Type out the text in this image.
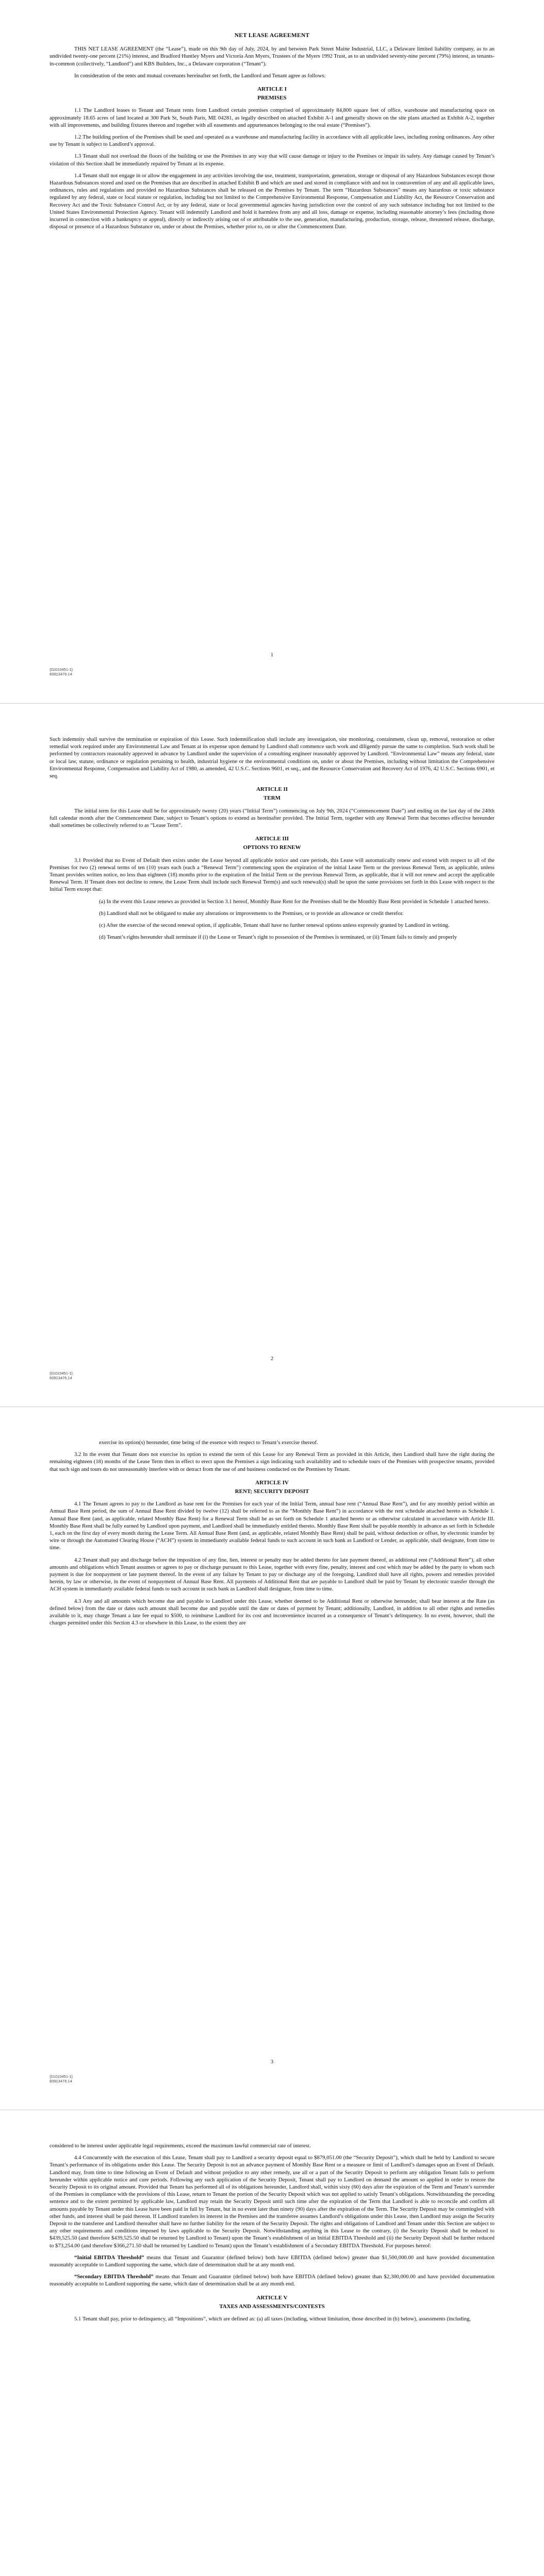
NET LEASE AGREEMENT

THIS NET LEASE AGREEMENT (the “Lease”), made on this 9th day of July, 2024, by and between Park Street Maine Industrial, LLC, a Delaware limited liability company, as to an undivided twenty-one percent (21%) interest, and Bradford Huntley Myers and Victoria Ann Myers, Trustees of the Myers 1992 Trust, as to an undivided seventy-nine percent (79%) interest, as tenants-in-common (collectively, “Landlord”) and KBS Builders, Inc., a Delaware corporation (“Tenant”).

In consideration of the rents and mutual covenants hereinafter set forth, the Landlord and Tenant agree as follows:

ARTICLE I
PREMISES

1.1 The Landlord leases to Tenant and Tenant rents from Landlord certain premises comprised of approximately 84,800 square feet of office, warehouse and manufacturing space on approximately 18.65 acres of land located at 300 Park St, South Paris, ME 04281, as legally described on attached Exhibit A-1 and generally shown on the site plans attached as Exhibit A-2, together with all improvements, and building fixtures thereon and together with all easements and appurtenances belonging to the real estate (“Premises”).

1.2 The building portion of the Premises shall be used and operated as a warehouse and manufacturing facility in accordance with all applicable laws, including zoning ordinances. Any other use by Tenant is subject to Landlord’s approval.

1.3 Tenant shall not overload the floors of the building or use the Premises in any way that will cause damage or injury to the Premises or impair its safety. Any damage caused by Tenant’s violation of this Section shall be immediately repaired by Tenant at its expense.

1.4 Tenant shall not engage in or allow the engagement in any activities involving the use, treatment, transportation, generation, storage or disposal of any Hazardous Substances except those Hazardous Substances stored and used on the Premises that are described in attached Exhibit B and which are used and stored in compliance with and not in contravention of any and all applicable laws, ordinances, rules and regulations and provided no Hazardous Substances shall be released on the Premises by Tenant. The term “Hazardous Substances” means any hazardous or toxic substance regulated by any federal, state or local statute or regulation, including but not limited to the Comprehensive Environmental Response, Compensation and Liability Act, the Resource Conservation and Recovery Act and the Toxic Substance Control Act, or by any federal, state or local governmental agencies having jurisdiction over the control of any such substance including but not limited to the United States Environmental Protection Agency. Tenant will indemnify Landlord and hold it harmless from any and all loss, damage or expense, including reasonable attorney’s fees (including those incurred in connection with a bankruptcy or appeal), directly or indirectly arising out of or attributable to the use, generation, manufacturing, production, storage, release, threatened release, discharge, disposal or presence of a Hazardous Substance on, under or about the Premises, whether prior to, on or after the Commencement Date.

1
{01010451-1}
83913476.14

Such indemnity shall survive the termination or expiration of this Lease. Such indemnification shall include any investigation, site monitoring, containment, clean up, removal, restoration or other remedial work required under any Environmental Law and Tenant at its expense upon demand by Landlord shall commence such work and diligently pursue the same to completion. Such work shall be performed by contractors reasonably approved in advance by Landlord under the supervision of a consulting engineer reasonably approved by Landlord. “Environmental Law” means any federal, state or local law, statute, ordinance or regulation pertaining to health, industrial hygiene or the environmental conditions on, under or about the Premises, including without limitation the Comprehensive Environmental Response, Compensation and Liability Act of 1980, as amended, 42 U.S.C. Sections 9601, et seq., and the Resource Conservation and Recovery Act of 1976, 42 U.S.C. Sections 6901, et seq.

ARTICLE II
TERM

The initial term for this Lease shall be for approximately twenty (20) years (“Initial Term”) commencing on July 9th, 2024 (“Commencement Date”) and ending on the last day of the 240th full calendar month after the Commencement Date, subject to Tenant’s options to extend as hereinafter provided. The Initial Term, together with any Renewal Term that becomes effective hereunder shall sometimes be collectively referred to as “Lease Term”.

ARTICLE III
OPTIONS TO RENEW

3.1 Provided that no Event of Default then exists under the Lease beyond all applicable notice and cure periods, this Lease will automatically renew and extend with respect to all of the Premises for two (2) renewal terms of ten (10) years each (each a “Renewal Term”) commencing upon the expiration of the initial Lease Term or the previous Renewal Term, as applicable, unless Tenant provides written notice, no less than eighteen (18) months prior to the expiration of the Initial Term or the previous Renewal Term, as applicable, that it will not renew and accept the applicable Renewal Term. If Tenant does not decline to renew, the Lease Term shall include such Renewal Term(s) and such renewal(s) shall be upon the same provisions set forth in this Lease with respect to the Initial Term except that:

(a) In the event this Lease renews as provided in Section 3.1 hereof, Monthly Base Rent for the Premises shall be the Monthly Base Rent provided in Schedule 1 attached hereto.

(b) Landlord shall not be obligated to make any alterations or improvements to the Premises, or to provide an allowance or credit therefor.

(c) After the exercise of the second renewal option, if applicable, Tenant shall have no further renewal options unless expressly granted by Landlord in writing.

(d) Tenant’s rights hereunder shall terminate if (i) the Lease or Tenant’s right to possession of the Premises is terminated, or (ii) Tenant fails to timely and properly

2
{01010451-1}
83913476.14

exercise its option(s) hereunder, time being of the essence with respect to Tenant’s exercise thereof.

3.2 In the event that Tenant does not exercise its option to extend the term of this Lease for any Renewal Term as provided in this Article, then Landlord shall have the right during the remaining eighteen (18) months of the Lease Term then in effect to erect upon the Premises a sign indicating such availability and to schedule tours of the Premises with prospective tenants, provided that such sign and tours do not unreasonably interfere with or detract from the use of and business conducted on the Premises by Tenant.

ARTICLE IV
RENT; SECURITY DEPOSIT

4.1 The Tenant agrees to pay to the Landlord as base rent for the Premises for each year of the Initial Term, annual base rent (“Annual Base Rent”), and for any monthly period within an Annual Base Rent period, the sum of Annual Base Rent divided by twelve (12) shall be referred to as the “Monthly Base Rent”) in accordance with the rent schedule attached hereto as Schedule 1. Annual Base Rent (and, as applicable, related Monthly Base Rent) for a Renewal Term shall be as set forth on Schedule 1 attached hereto or as otherwise calculated in accordance with Article III. Monthly Base Rent shall be fully earned by Landlord upon payment, and Landlord shall be immediately entitled thereto. Monthly Base Rent shall be payable monthly in advance as set forth in Schedule 1, each on the first day of every month during the Lease Term. All Annual Base Rent (and, as applicable, related Monthly Base Rent) shall be paid, without deduction or offset, by electronic transfer by wire or through the Automated Clearing House (“ACH”) system in immediately available federal funds to such account in such bank as Landlord or Lender, as applicable, shall designate, from time to time.

4.2 Tenant shall pay and discharge before the imposition of any fine, lien, interest or penalty may be added thereto for late payment thereof, as additional rent (“Additional Rent”), all other amounts and obligations which Tenant assumes or agrees to pay or discharge pursuant to this Lease, together with every fine, penalty, interest and cost which may be added by the party to whom such payment is due for nonpayment or late payment thereof. In the event of any failure by Tenant to pay or discharge any of the foregoing, Landlord shall have all rights, powers and remedies provided herein, by law or otherwise, in the event of nonpayment of Annual Base Rent. All payments of Additional Rent that are payable to Landlord shall be paid by Tenant by electronic transfer through the ACH system in immediately available federal funds to such account in such bank as Landlord shall designate, from time to time.

4.3 Any and all amounts which become due and payable to Landlord under this Lease, whether deemed to be Additional Rent or otherwise hereunder, shall bear interest at the Rate (as defined below) from the date or dates such amount shall become due and payable until the date or dates of payment by Tenant; additionally, Landlord, in addition to all other rights and remedies available to it, may charge Tenant a late fee equal to $500, to reimburse Landlord for its cost and inconvenience incurred as a consequence of Tenant’s delinquency. In no event, however, shall the charges permitted under this Section 4.3 or elsewhere in this Lease, to the extent they are

3
{01010451-1}
83913476.14

considered to be interest under applicable legal requirements, exceed the maximum lawful commercial rate of interest.

4.4 Concurrently with the execution of this Lease, Tenant shall pay to Landlord a security deposit equal to $879,051.00 (the “Security Deposit”), which shall be held by Landlord to secure Tenant’s performance of its obligations under this Lease. The Security Deposit is not an advance payment of Monthly Base Rent or a measure or limit of Landlord’s damages upon an Event of Default. Landlord may, from time to time following an Event of Default and without prejudice to any other remedy, use all or a part of the Security Deposit to perform any obligation Tenant fails to perform hereunder within applicable notice and cure periods. Following any such application of the Security Deposit, Tenant shall pay to Landlord on demand the amount so applied in order to restore the Security Deposit to its original amount. Provided that Tenant has performed all of its obligations hereunder, Landlord shall, within sixty (60) days after the expiration of the Term and Tenant’s surrender of the Premises in compliance with the provisions of this Lease, return to Tenant the portion of the Security Deposit which was not applied to satisfy Tenant’s obligations. Notwithstanding the preceding sentence and to the extent permitted by applicable law, Landlord may retain the Security Deposit until such time after the expiration of the Term that Landlord is able to reconcile and confirm all amounts payable by Tenant under this Lease have been paid in full by Tenant, but in no event later than ninety (90) days after the expiration of the Term. The Security Deposit may be commingled with other funds, and interest shall be paid thereon. If Landlord transfers its interest in the Premises and the transferee assumes Landlord’s obligations under this Lease, then Landlord may assign the Security Deposit to the transferee and Landlord thereafter shall have no further liability for the return of the Security Deposit. The rights and obligations of Landlord and Tenant under this Section are subject to any other requirements and conditions imposed by laws applicable to the Security Deposit. Notwithstanding anything in this Lease to the contrary, (i) the Security Deposit shall be reduced to $439,525.50 (and therefore $439,525.50 shall be returned by Landlord to Tenant) upon the Tenant’s establishment of an Initial EBITDA Threshold and (ii) the Security Deposit shall be further reduced to $73,254.00 (and therefore $366,271.50 shall be returned by Landlord to Tenant) upon the Tenant’s establishment of a Secondary EBITDA Threshold. For purposes hereof:

“Initial EBITDA Threshold” means that Tenant and Guarantor (defined below) both have EBITDA (defined below) greater than $1,500,000.00 and have provided documentation reasonably acceptable to Landlord supporting the same, which date of determination shall be at any month end.

“Secondary EBITDA Threshold” means that Tenant and Guarantor (defined below) both have EBITDA (defined below) greater than $2,300,000.00 and have provided documentation reasonably acceptable to Landlord supporting the same, which date of determination shall be at any month end.

ARTICLE V
TAXES AND ASSESSMENTS/CONTESTS

5.1 Tenant shall pay, prior to delinquency, all “Impositions”, which are defined as: (a) all taxes (including, without limitation, those described in (b) below), assessments (including,
